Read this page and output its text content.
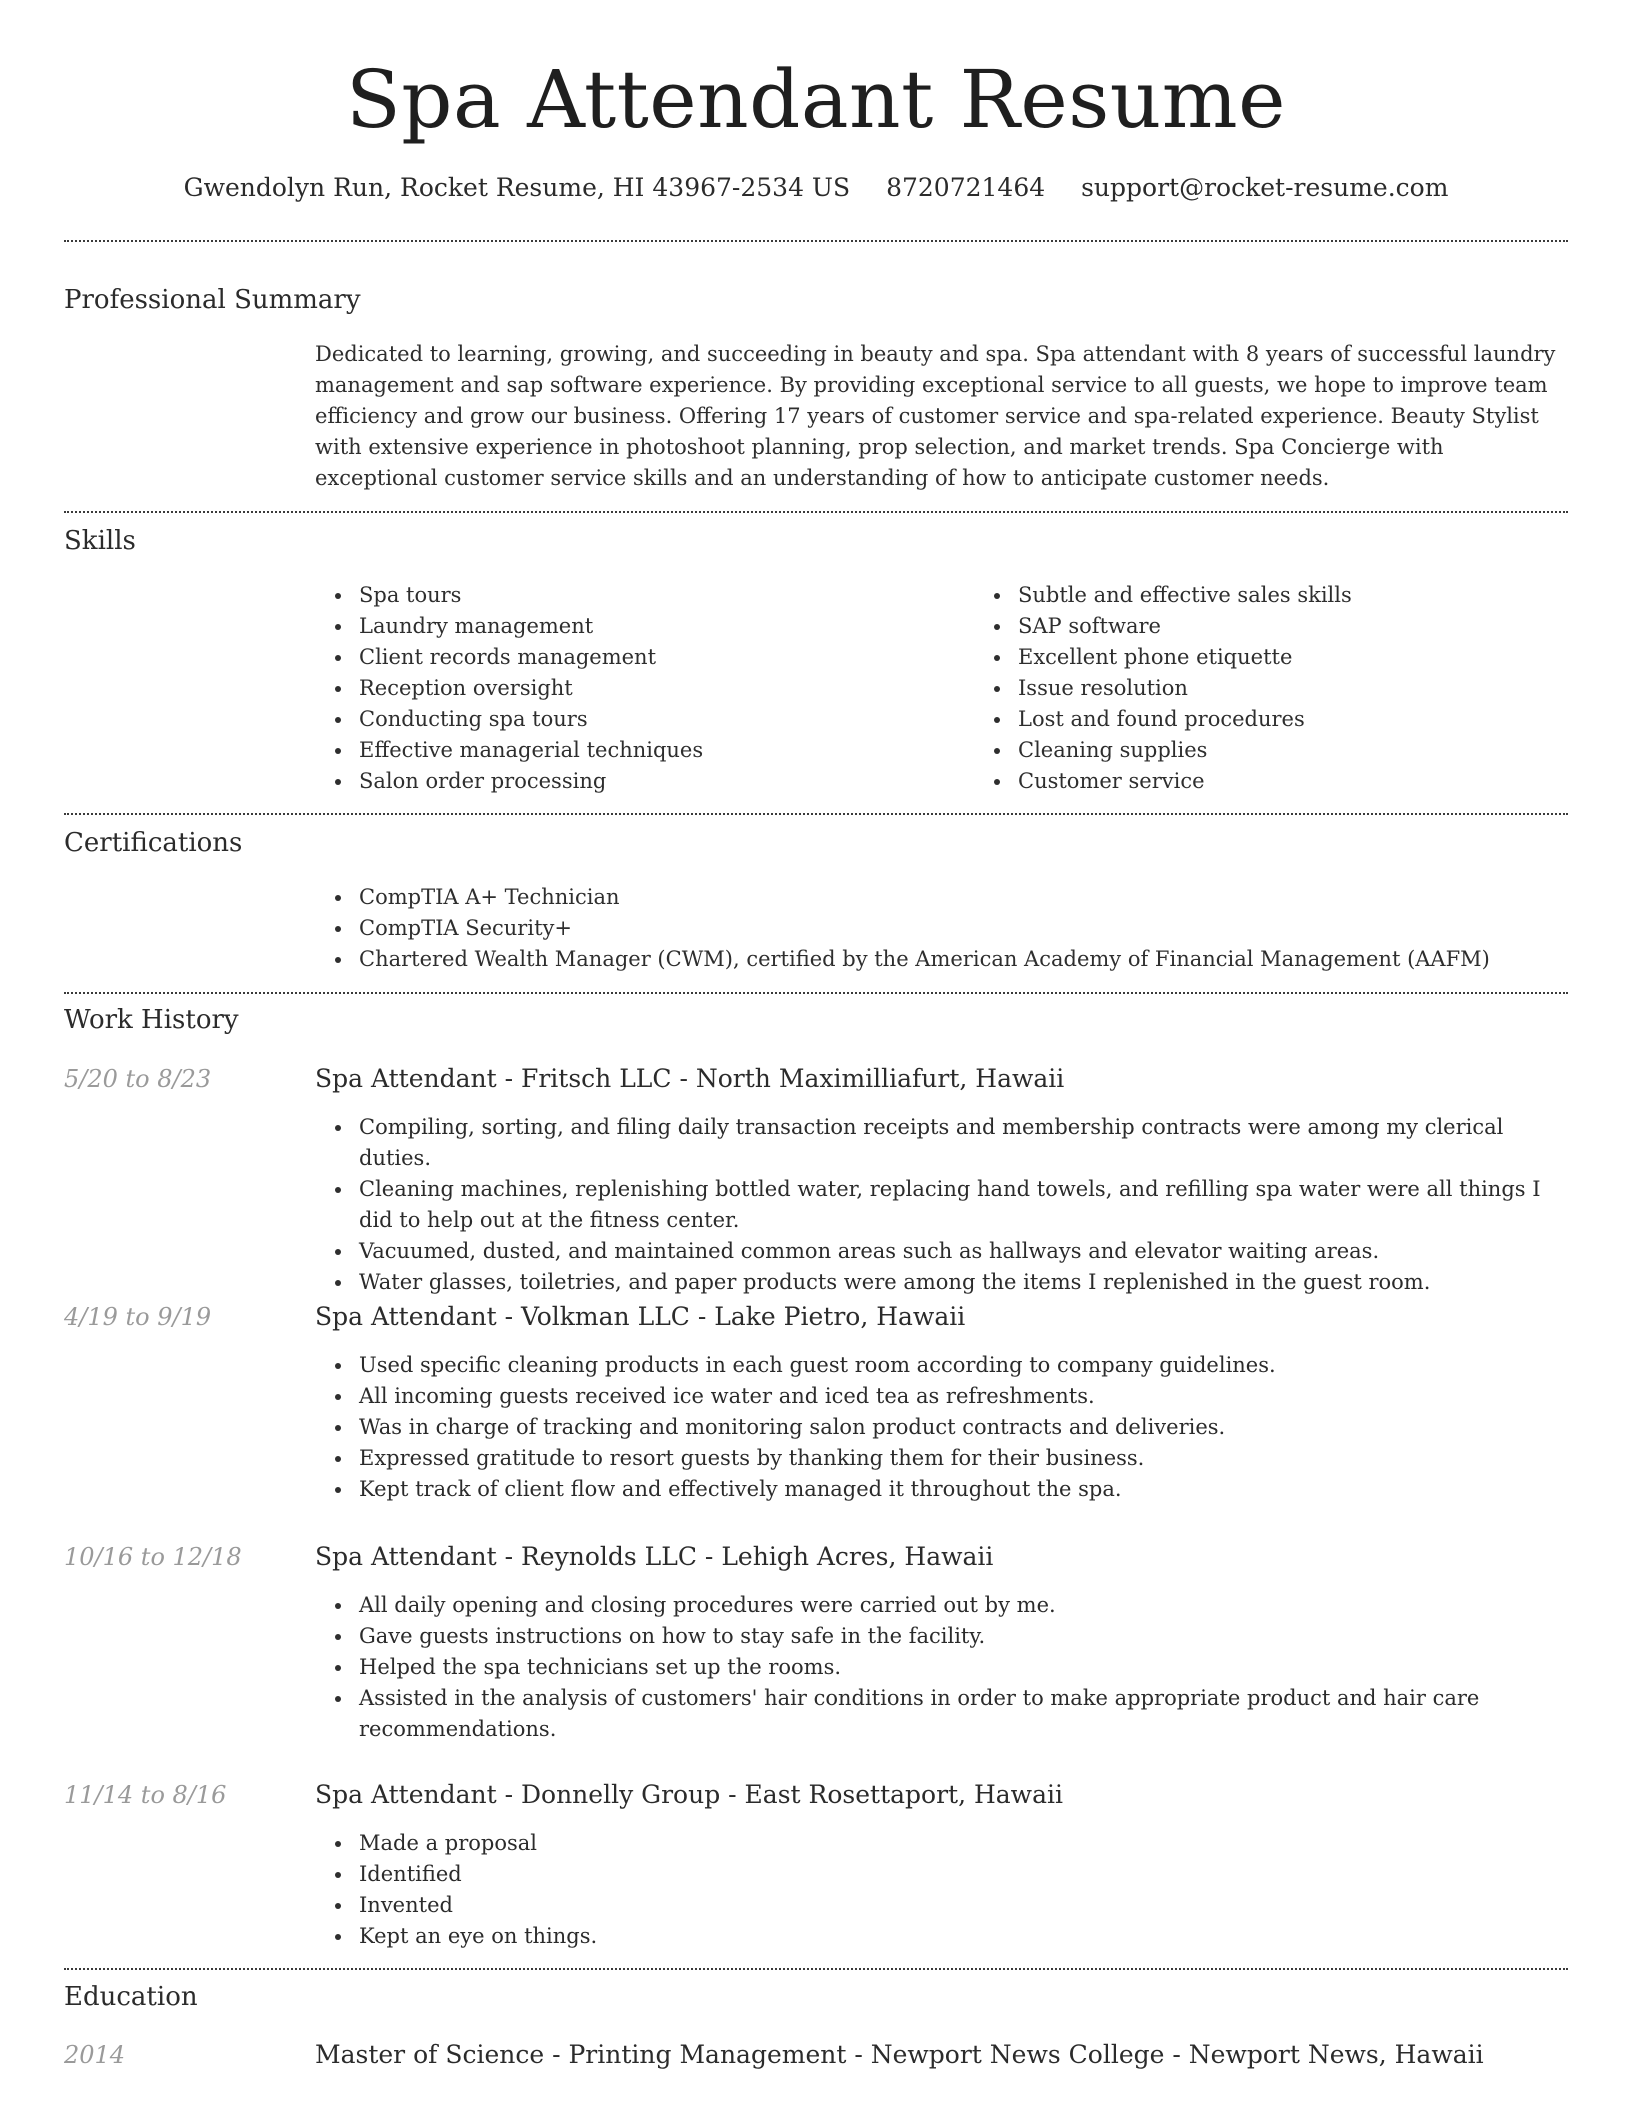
Spa Attendant Resume
Gwendolyn Run, Rocket Resume, HI 43967-2534 US 8720721464 support@rocket-resume.com
Professional Summary

Dedicated to learning, growing, and succeeding in beauty and spa. Spa attendant with 8 years of successful laundry management and sap software experience. By providing exceptional service to all guests, we hope to improve team efficiency and grow our business. Offering 17 years of customer service and spa-related experience. Beauty Stylist with extensive experience in photoshoot planning, prop selection, and market trends. Spa Concierge with exceptional customer service skills and an understanding of how to anticipate customer needs.

Skills
Spa tours
Laundry management
Client records management
Reception oversight
Conducting spa tours
Effective managerial techniques
Salon order processing
Subtle and effective sales skills
SAP software
Excellent phone etiquette
Issue resolution
Lost and found procedures
Cleaning supplies
Customer service
Certifications
CompTIA A+ Technician
CompTIA Security+
Chartered Wealth Manager (CWM), certified by the American Academy of Financial Management (AAFM)
Work History
5/20 to 8/23	Spa Attendant - Fritsch LLC - North Maximilliafurt, Hawaii
Compiling, sorting, and filing daily transaction receipts and membership contracts were among my clerical duties.
Cleaning machines, replenishing bottled water, replacing hand towels, and refilling spa water were all things I did to help out at the fitness center.
Vacuumed, dusted, and maintained common areas such as hallways and elevator waiting areas.
Water glasses, toiletries, and paper products were among the items I replenished in the guest room.
4/19 to 9/19	Spa Attendant - Volkman LLC - Lake Pietro, Hawaii
Used specific cleaning products in each guest room according to company guidelines.
All incoming guests received ice water and iced tea as refreshments.
Was in charge of tracking and monitoring salon product contracts and deliveries.
Expressed gratitude to resort guests by thanking them for their business.
Kept track of client flow and effectively managed it throughout the spa.
10/16 to 12/18	Spa Attendant - Reynolds LLC - Lehigh Acres, Hawaii
All daily opening and closing procedures were carried out by me.
Gave guests instructions on how to stay safe in the facility.
Helped the spa technicians set up the rooms.
Assisted in the analysis of customers' hair conditions in order to make appropriate product and hair care recommendations.
11/14 to 8/16	Spa Attendant - Donnelly Group - East Rosettaport, Hawaii
Made a proposal
Identified
Invented
Kept an eye on things.
Education
2014	Master of Science - Printing Management - Newport News College - Newport News, Hawaii
